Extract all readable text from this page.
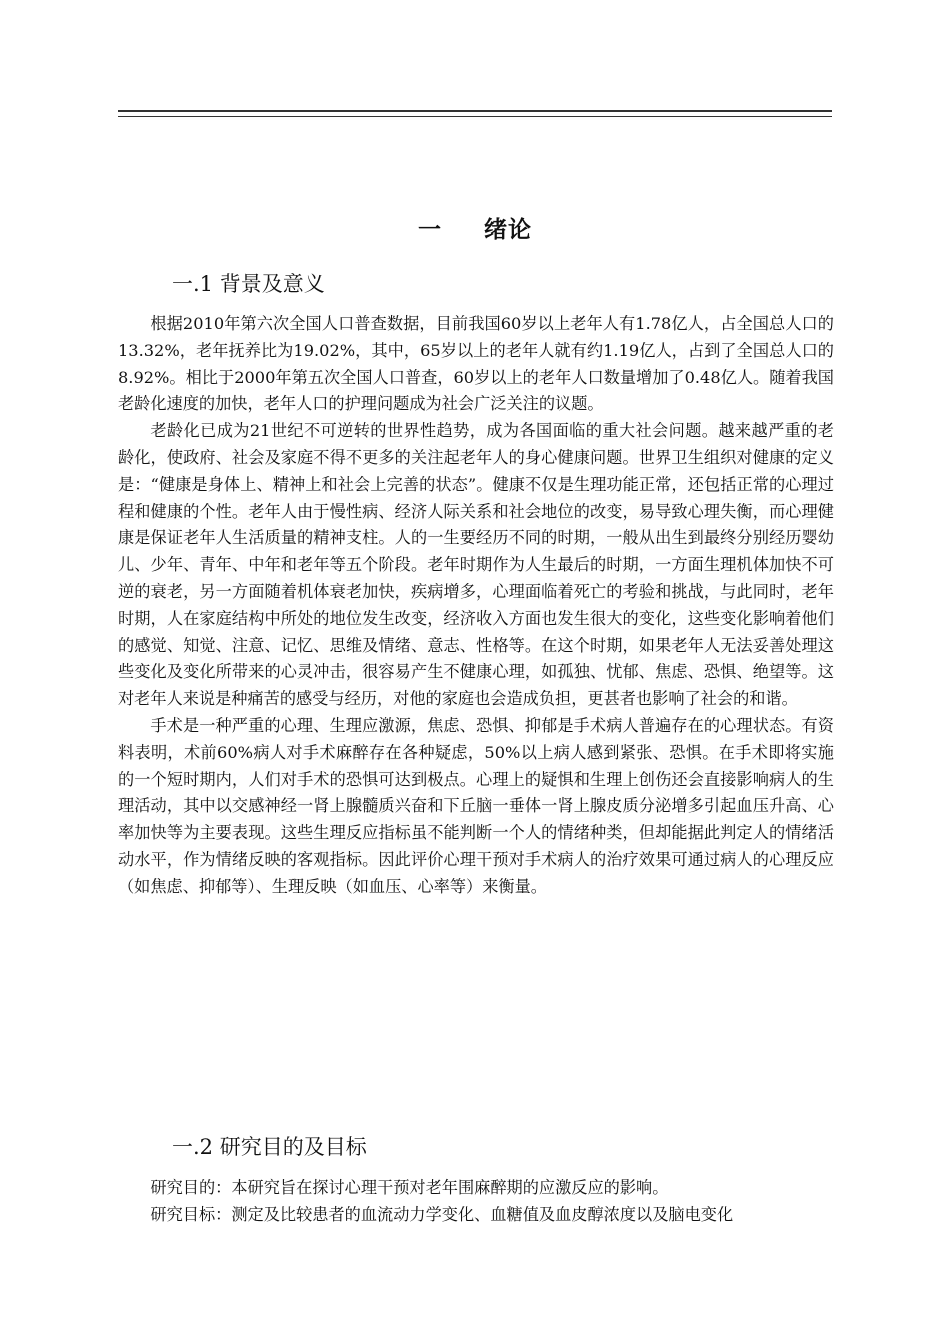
一 绪论
一.1 背景及意义

根据2010年第六次全国人口普查数据，目前我国60岁以上老年人有1.78亿人，占全国总人口的13.32%，老年抚养比为19.02%，其中，65岁以上的老年人就有约1.19亿人，占到了全国总人口的8.92%。相比于2000年第五次全国人口普查，60岁以上的老年人口数量增加了0.48亿人。随着我国老龄化速度的加快，老年人口的护理问题成为社会广泛关注的议题。

老龄化已成为21世纪不可逆转的世界性趋势，成为各国面临的重大社会问题。越来越严重的老龄化，使政府、社会及家庭不得不更多的关注起老年人的身心健康问题。世界卫生组织对健康的定义是：“健康是身体上、精神上和社会上完善的状态”。健康不仅是生理功能正常，还包括正常的心理过程和健康的个性。老年人由于慢性病、经济人际关系和社会地位的改变，易导致心理失衡，而心理健康是保证老年人生活质量的精神支柱。人的一生要经历不同的时期，一般从出生到最终分别经历婴幼儿、少年、青年、中年和老年等五个阶段。老年时期作为人生最后的时期，一方面生理机体加快不可逆的衰老，另一方面随着机体衰老加快，疾病增多，心理面临着死亡的考验和挑战，与此同时，老年时期，人在家庭结构中所处的地位发生改变，经济收入方面也发生很大的变化，这些变化影响着他们的感觉、知觉、注意、记忆、思维及情绪、意志、性格等。在这个时期，如果老年人无法妥善处理这些变化及变化所带来的心灵冲击，很容易产生不健康心理，如孤独、忧郁、焦虑、恐惧、绝望等。这对老年人来说是种痛苦的感受与经历，对他的家庭也会造成负担，更甚者也影响了社会的和谐。

手术是一种严重的心理、生理应激源，焦虑、恐惧、抑郁是手术病人普遍存在的心理状态。有资料表明，术前60%病人对手术麻醉存在各种疑虑，50%以上病人感到紧张、恐惧。在手术即将实施的一个短时期内，人们对手术的恐惧可达到极点。心理上的疑惧和生理上创伤还会直接影响病人的生理活动，其中以交感神经一肾上腺髓质兴奋和下丘脑一垂体一肾上腺皮质分泌增多引起血压升高、心率加快等为主要表现。这些生理反应指标虽不能判断一个人的情绪种类，但却能据此判定人的情绪活动水平，作为情绪反映的客观指标。因此评价心理干预对手术病人的治疗效果可通过病人的心理反应（如焦虑、抑郁等）、生理反映（如血压、心率等）来衡量。

一.2 研究目的及目标

研究目的：本研究旨在探讨心理干预对老年围麻醉期的应激反应的影响。

研究目标：测定及比较患者的血流动力学变化、血糖值及血皮醇浓度以及脑电变化
